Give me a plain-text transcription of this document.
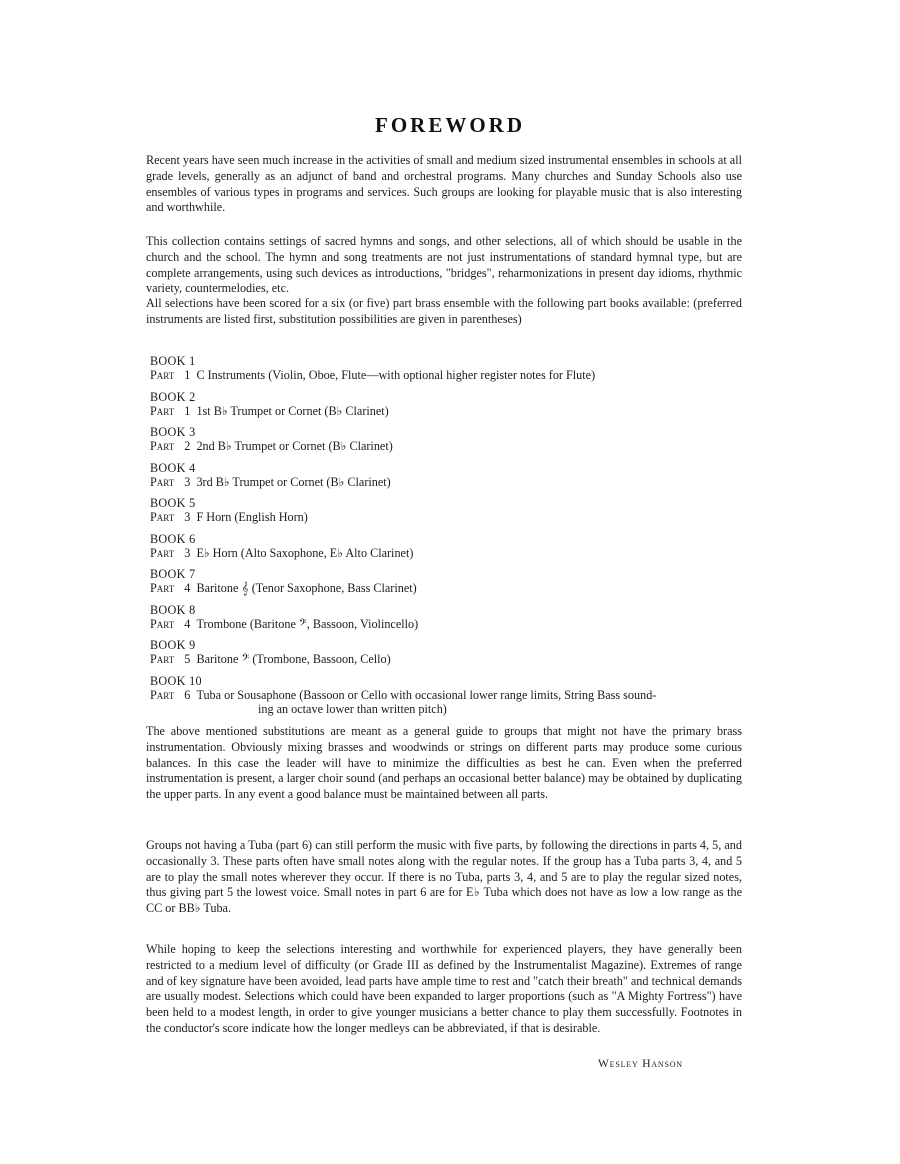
FOREWORD

Recent years have seen much increase in the activities of small and medium sized instrumental ensembles in schools at all grade levels, generally as an adjunct of band and orchestral programs. Many churches and Sunday Schools also use ensembles of various types in programs and services. Such groups are looking for playable music that is also interesting and worthwhile.

This collection contains settings of sacred hymns and songs, and other selections, all of which should be usable in the church and the school. The hymn and song treatments are not just instrumentations of standard hymnal type, but are complete arrangements, using such devices as introductions, "bridges", reharmonizations in present day idioms, rhythmic variety, countermelodies, etc.

All selections have been scored for a six (or five) part brass ensemble with the following part books available: (preferred instruments are listed first, substitution possibilities are given in parentheses)

BOOK 1
Part 1 C Instruments (Violin, Oboe, Flute—with optional higher register notes for Flute)
BOOK 2
Part 1 1st B♭ Trumpet or Cornet (B♭ Clarinet)
BOOK 3
Part 2 2nd B♭ Trumpet or Cornet (B♭ Clarinet)
BOOK 4
Part 3 3rd B♭ Trumpet or Cornet (B♭ Clarinet)
BOOK 5
Part 3 F Horn (English Horn)
BOOK 6
Part 3 E♭ Horn (Alto Saxophone, E♭ Alto Clarinet)
BOOK 7
Part 4 Baritone 𝄞 (Tenor Saxophone, Bass Clarinet)
BOOK 8
Part 4 Trombone (Baritone 𝄢, Bassoon, Violincello)
BOOK 9
Part 5 Baritone 𝄢 (Trombone, Bassoon, Cello)
BOOK 10
Part 6 Tuba or Sousaphone (Bassoon or Cello with occasional lower range limits, String Bass sound-
ing an octave lower than written pitch)

The above mentioned substitutions are meant as a general guide to groups that might not have the primary brass instrumentation. Obviously mixing brasses and woodwinds or strings on different parts may produce some curious balances. In this case the leader will have to minimize the difficulties as best he can. Even when the preferred instrumentation is present, a larger choir sound (and perhaps an occasional better balance) may be obtained by duplicating the upper parts. In any event a good balance must be maintained between all parts.

Groups not having a Tuba (part 6) can still perform the music with five parts, by following the directions in parts 4, 5, and occasionally 3. These parts often have small notes along with the regular notes. If the group has a Tuba parts 3, 4, and 5 are to play the small notes wherever they occur. If there is no Tuba, parts 3, 4, and 5 are to play the regular sized notes, thus giving part 5 the lowest voice. Small notes in part 6 are for E♭ Tuba which does not have as low a low range as the CC or BB♭ Tuba.

While hoping to keep the selections interesting and worthwhile for experienced players, they have generally been restricted to a medium level of difficulty (or Grade III as defined by the Instrumentalist Magazine). Extremes of range and of key signature have been avoided, lead parts have ample time to rest and "catch their breath" and technical demands are usually modest. Selections which could have been expanded to larger proportions (such as "A Mighty Fortress") have been held to a modest length, in order to give younger musicians a better chance to play them successfully. Footnotes in the conductor's score indicate how the longer medleys can be abbreviated, if that is desirable.

Wesley Hanson
